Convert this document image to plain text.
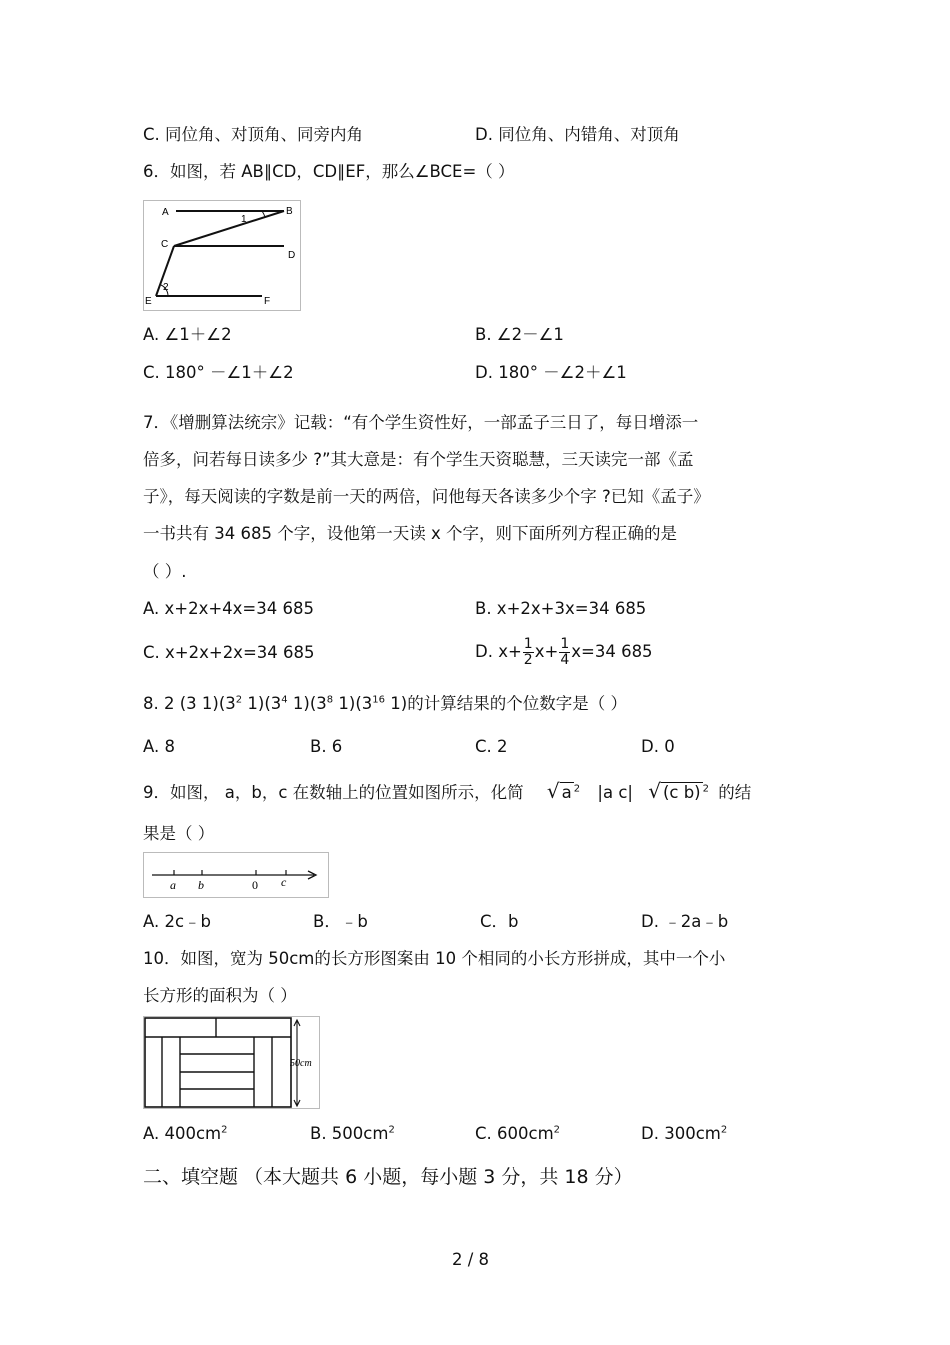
C. 同位角、对顶角、同旁内角	D. 同位角、内错角、对顶角
6．如图，若 AB∥CD，CD∥EF，那么∠BCE=（ ）
A	B
C
D
E	F
1
2
A. ∠1＋∠2	B. ∠2－∠1
C. 180° －∠1＋∠2	D. 180° －∠2＋∠1
7．《增删算法统宗》记载：“有个学生资性好，一部孟子三日了，每日增添一
倍多，问若每日读多少 ?”其大意是：有个学生天资聪慧，三天读完一部《孟
子》，每天阅读的字数是前一天的两倍，问他每天各读多少个字 ?已知《孟子》
一书共有 34 685 个字，设他第一天读 x 个字，则下面所列方程正确的是
（ ）.
A. x+2x+4x=34 685	B. x+2x+3x=34 685
C. x+2x+2x=34 685	D. $x+ \frac{1}{2} x+ \frac{1}{4} x=34$ 685
8. 2 (3 $1)(3^2$ $1)(3^4$ $1)(3^8$ $1)(3^{16}$ 1)的计算结果的个位数字是（ ）
A. 8	B. 6	C. 2	D. 0
9．如图， a，b，c 在数轴上的位置如图所示，化简 √ a $^2$ |a c| √ (c b) $^2$ 的结
果是（ ）
a b	0 c
A. 2c﹣b	B．﹣b	C．b	D. ﹣2a﹣b
10．如图，宽为 50cm的长方形图案由 10 个相同的小长方形拼成，其中一个小
长方形的面积为（ ）
50cm
A. $400cm^2$	B. $500cm^2$	C. $600cm^2$	D. $300cm^2$
二、填空题 （本大题共 6 小题，每小题 3 分，共 18 分）
2 / 8
